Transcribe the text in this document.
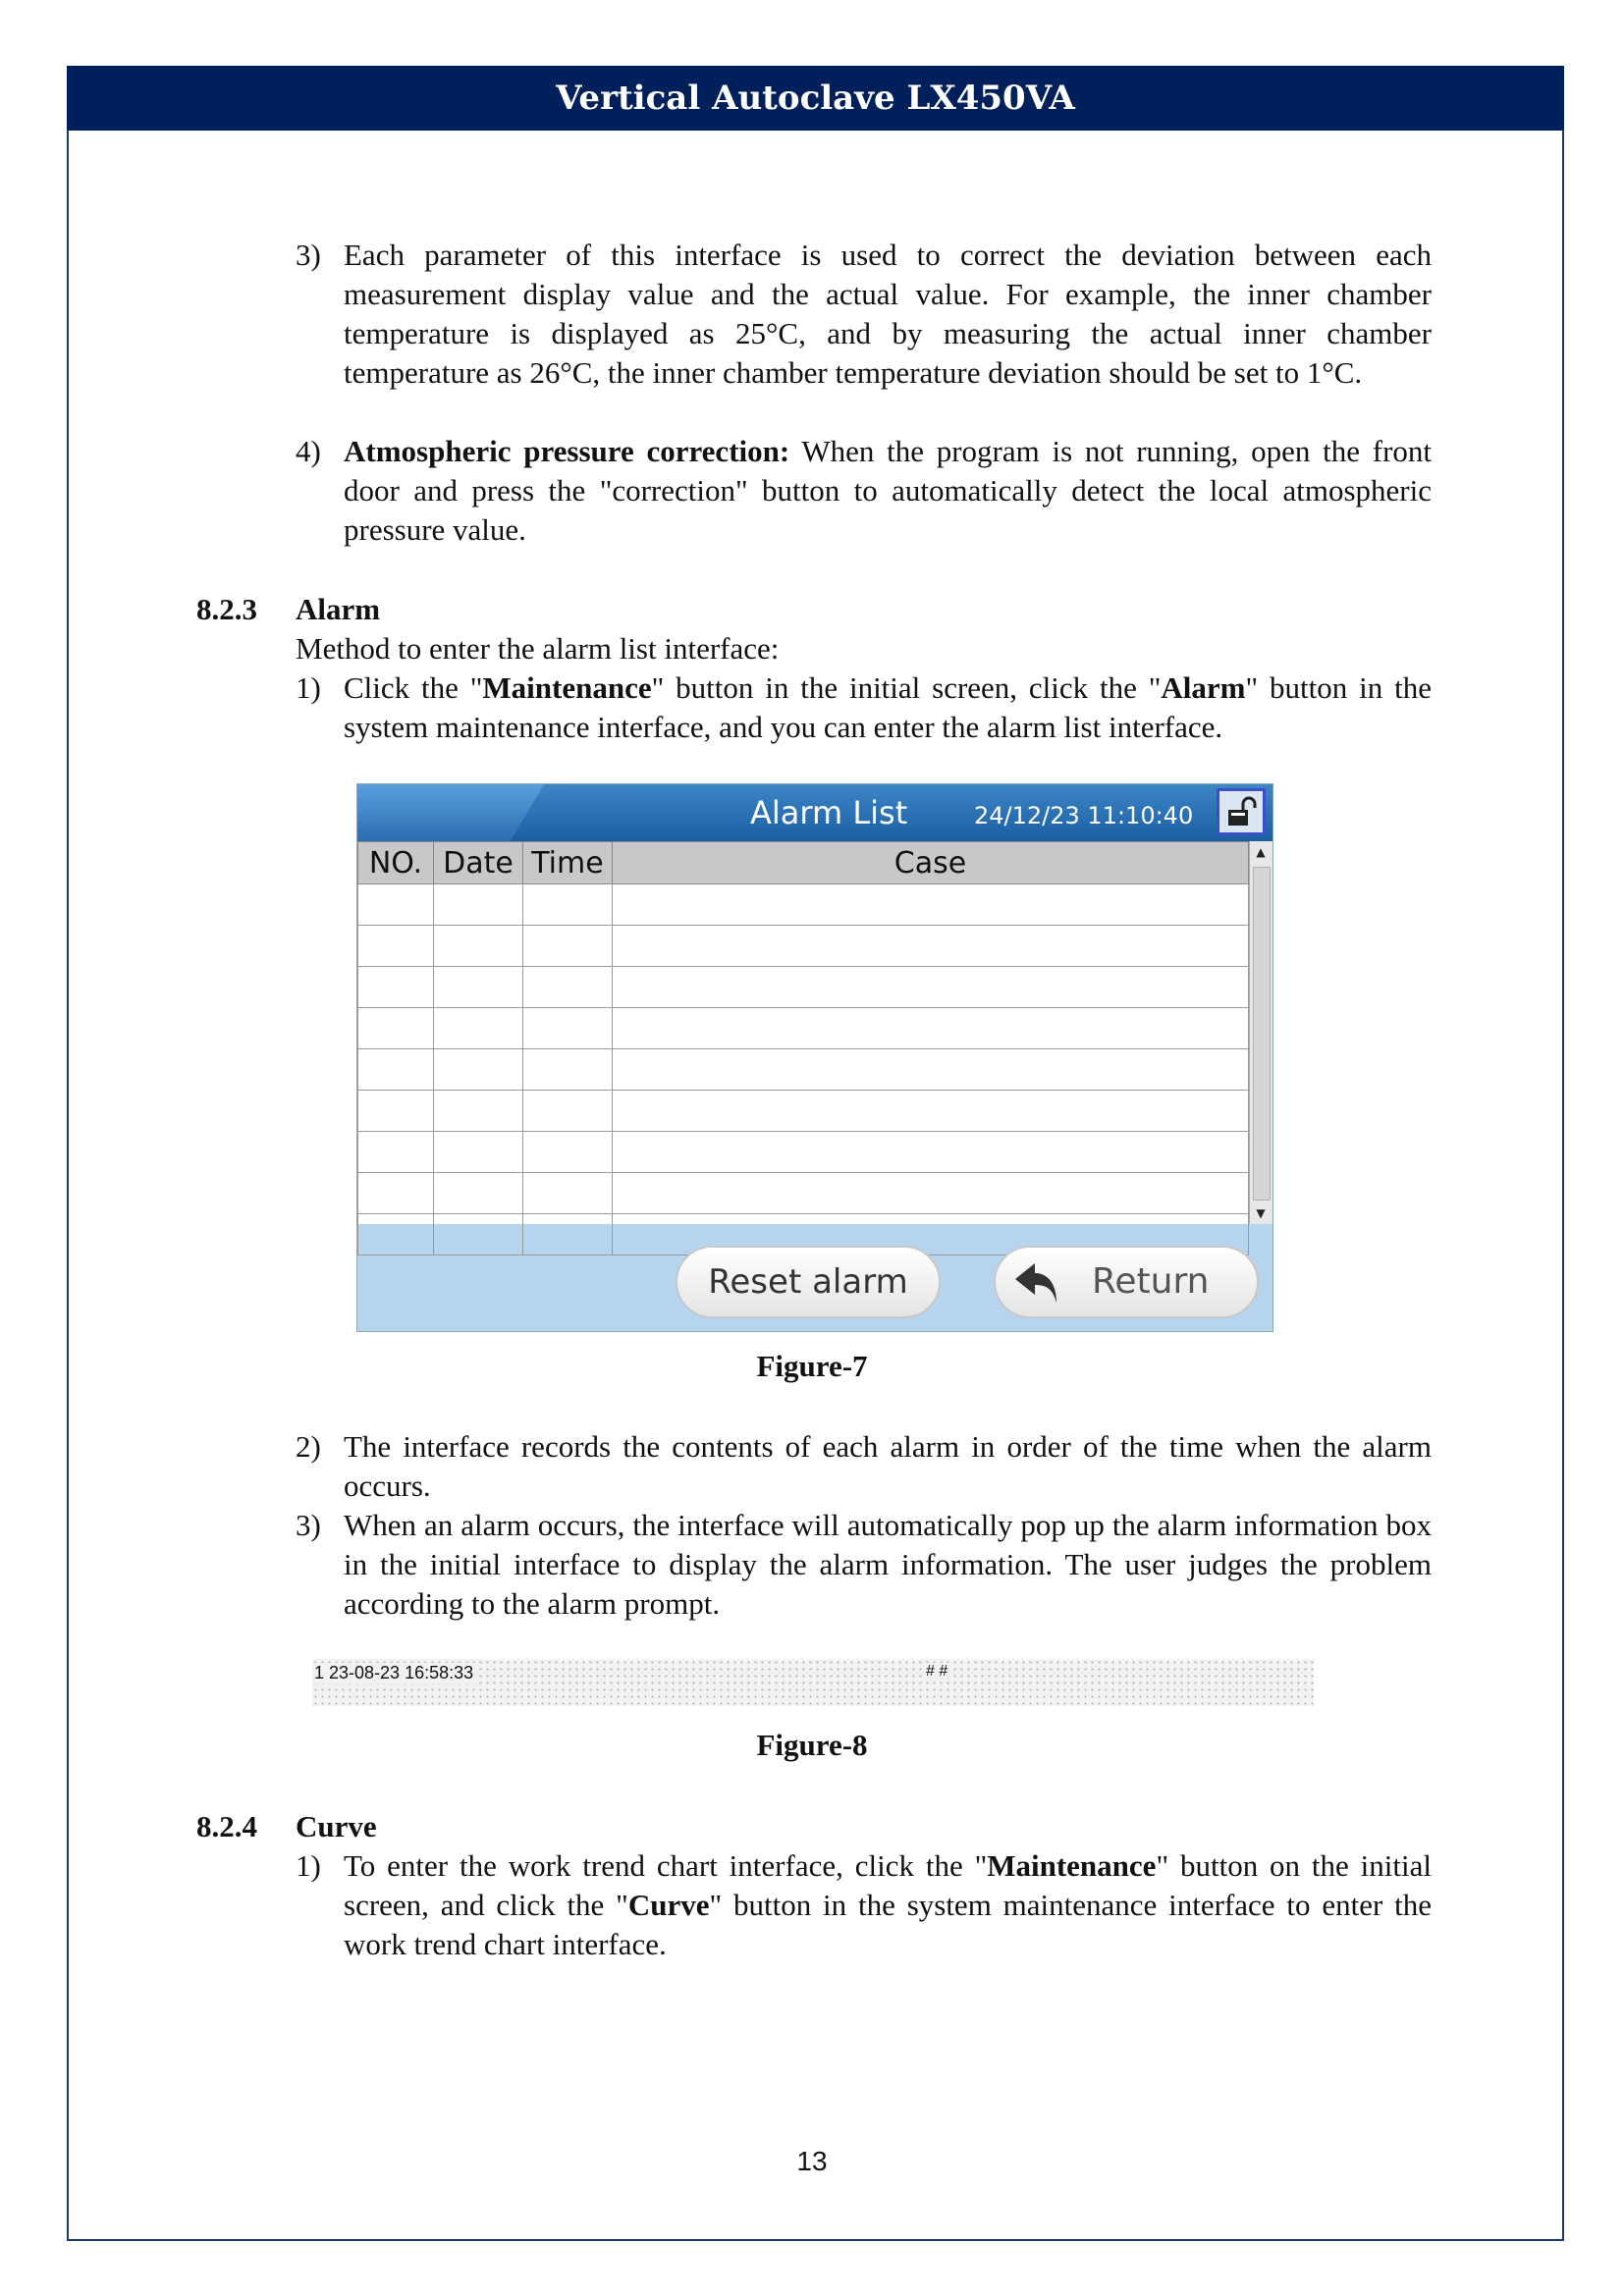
Vertical Autoclave LX450VA
3) Each parameter of this interface is used to correct the deviation between each measurement display value and the actual value. For example, the inner chamber temperature is displayed as 25°C, and by measuring the actual inner chamber temperature as 26°C, the inner chamber temperature deviation should be set to 1°C.
4) Atmospheric pressure correction: When the program is not running, open the front door and press the "correction" button to automatically detect the local atmospheric pressure value.
8.2.3 Alarm
Method to enter the alarm list interface:
1) Click the "Maintenance" button in the initial screen, click the "Alarm" button in the system maintenance interface, and you can enter the alarm list interface.
Alarm List	24/12/23 11:10:40
NO.	Date	Time	Case

				▲
▼
Reset alarm	Return
Figure-7
2) The interface records the contents of each alarm in order of the time when the alarm occurs.
3) When an alarm occurs, the interface will automatically pop up the alarm information box in the initial interface to display the alarm information. The user judges the problem according to the alarm prompt.
1 23-08-23 16:58:33	# #
Figure-8
8.2.4 Curve
1) To enter the work trend chart interface, click the "Maintenance" button on the initial screen, and click the "Curve" button in the system maintenance interface to enter the work trend chart interface.
13
